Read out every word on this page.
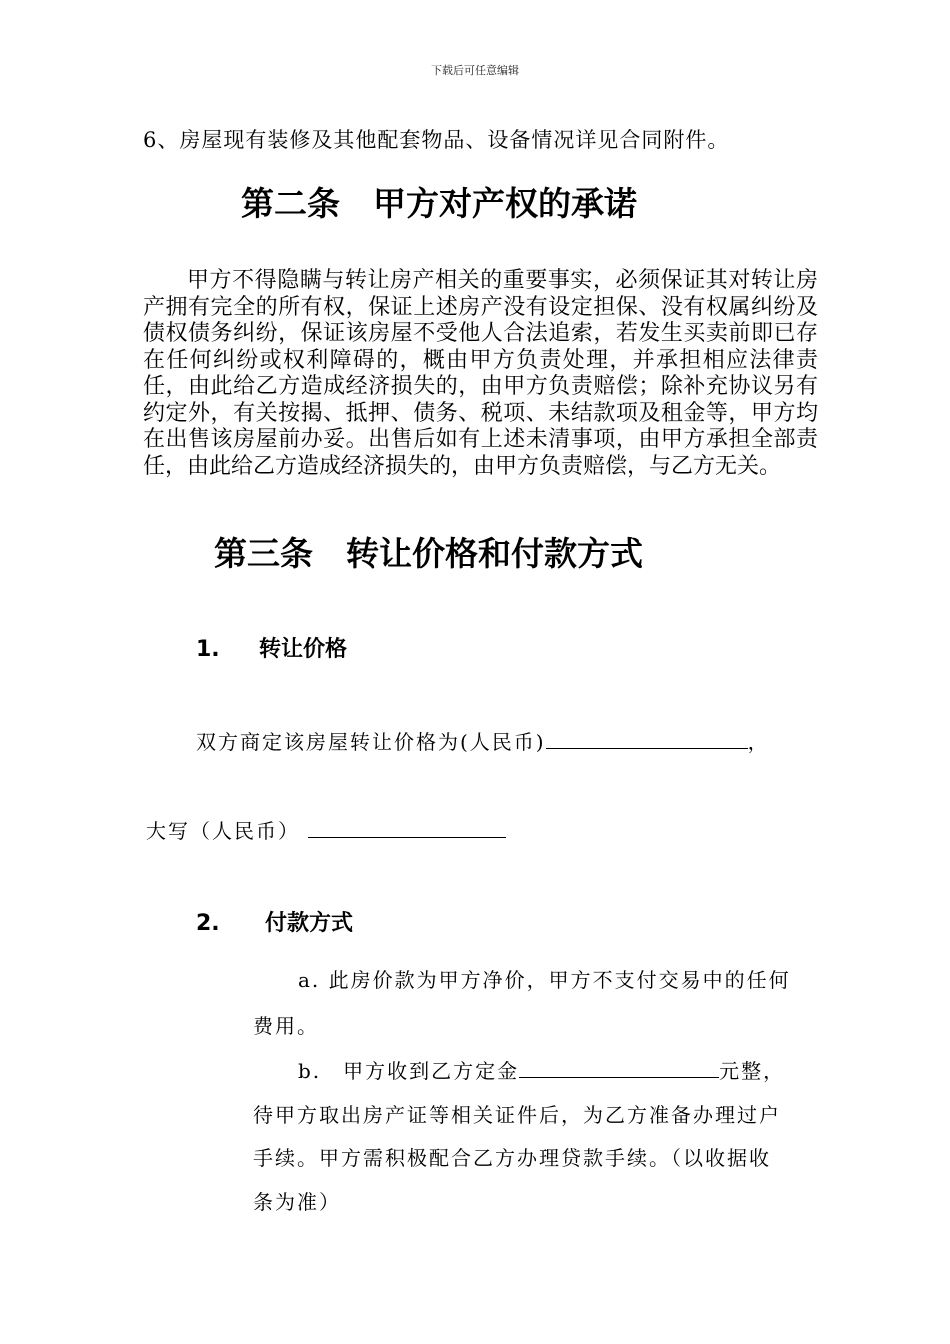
下载后可任意编辑
6、房屋现有装修及其他配套物品、设备情况详见合同附件。
第二条　甲方对产权的承诺

甲方不得隐瞒与转让房产相关的重要事实，必须保证其对转让房产拥有完全的所有权，保证上述房产没有设定担保、没有权属纠纷及债权债务纠纷，保证该房屋不受他人合法追索，若发生买卖前即已存在任何纠纷或权利障碍的，概由甲方负责处理，并承担相应法律责任，由此给乙方造成经济损失的，由甲方负责赔偿；除补充协议另有约定外，有关按揭、抵押、债务、税项、未结款项及租金等，甲方均在出售该房屋前办妥。出售后如有上述未清事项，由甲方承担全部责任，由此给乙方造成经济损失的，由甲方负责赔偿，与乙方无关。

第三条　转让价格和付款方式
1. 转让价格
双方商定该房屋转让价格为(人民币)	，
大写（人民币）
2. 付款方式
a. 此房价款为甲方净价，甲方不支付交易中的任何
费用。
b.　甲方收到乙方定金	元整，
待甲方取出房产证等相关证件后，为乙方准备办理过户
手续。甲方需积极配合乙方办理贷款手续。（以收据收
条为准）
